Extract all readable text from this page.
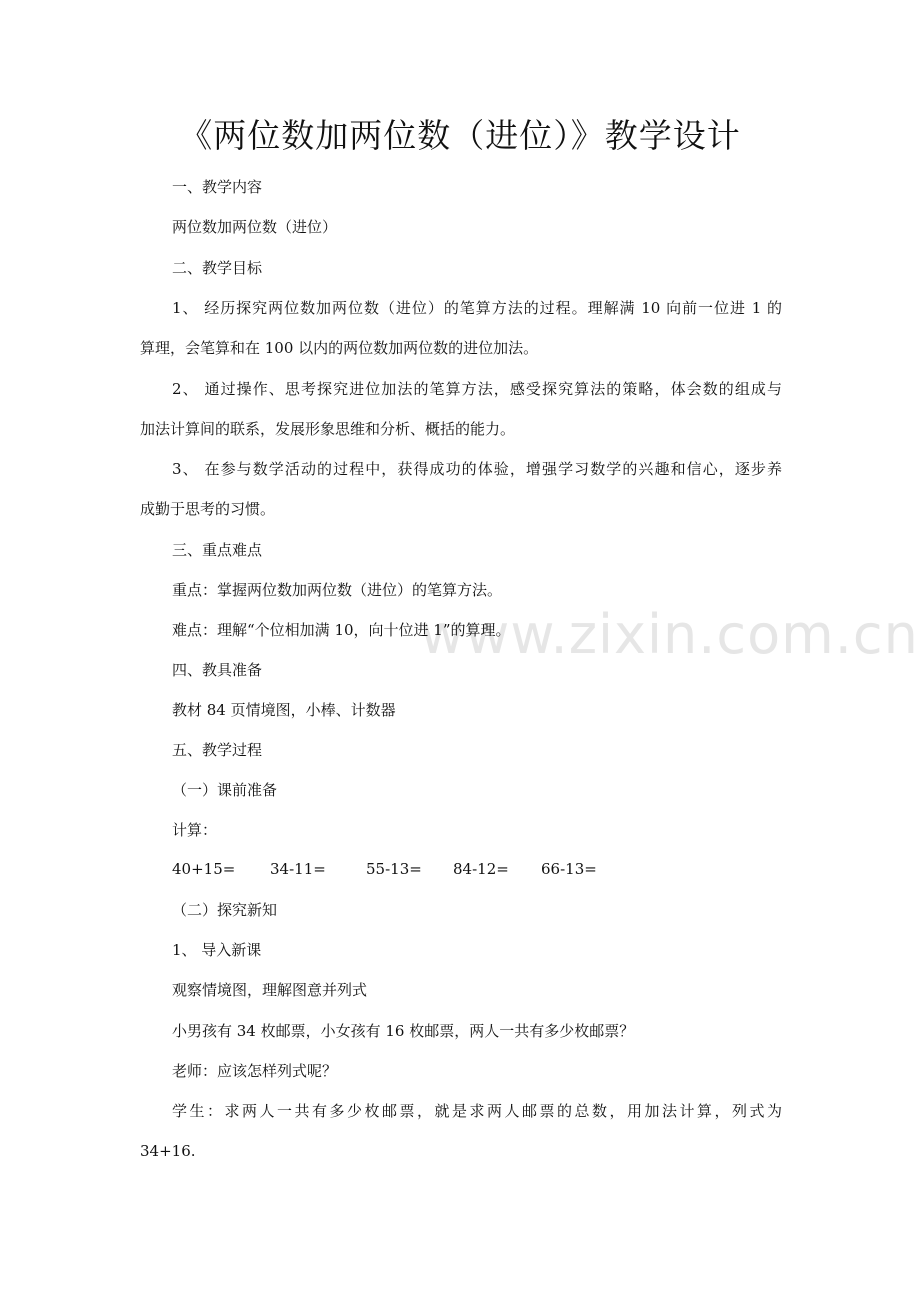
www.zixin.com.cn
《两位数加两位数（进位）》教学设计
一、教学内容
两位数加两位数（进位）
二、教学目标
1、 经历探究两位数加两位数（进位）的笔算方法的过程。理解满 10 向前一位进 1 的
算理，会笔算和在 100 以内的两位数加两位数的进位加法。
2、 通过操作、思考探究进位加法的笔算方法，感受探究算法的策略，体会数的组成与
加法计算间的联系，发展形象思维和分析、概括的能力。
3、 在参与数学活动的过程中，获得成功的体验，增强学习数学的兴趣和信心，逐步养
成勤于思考的习惯。
三、重点难点
重点：掌握两位数加两位数（进位）的笔算方法。
难点：理解“个位相加满 10，向十位进 1”的算理。
四、教具准备
教材 84 页情境图，小棒、计数器
五、教学过程
（一）课前准备
计算：
40+15= 34-11=	55-13= 84-12= 66-13=
（二）探究新知
1、 导入新课
观察情境图，理解图意并列式
小男孩有 34 枚邮票，小女孩有 16 枚邮票，两人一共有多少枚邮票？
老师：应该怎样列式呢？
学生：求两人一共有多少枚邮票，就是求两人邮票的总数，用加法计算，列式为
34+16.
